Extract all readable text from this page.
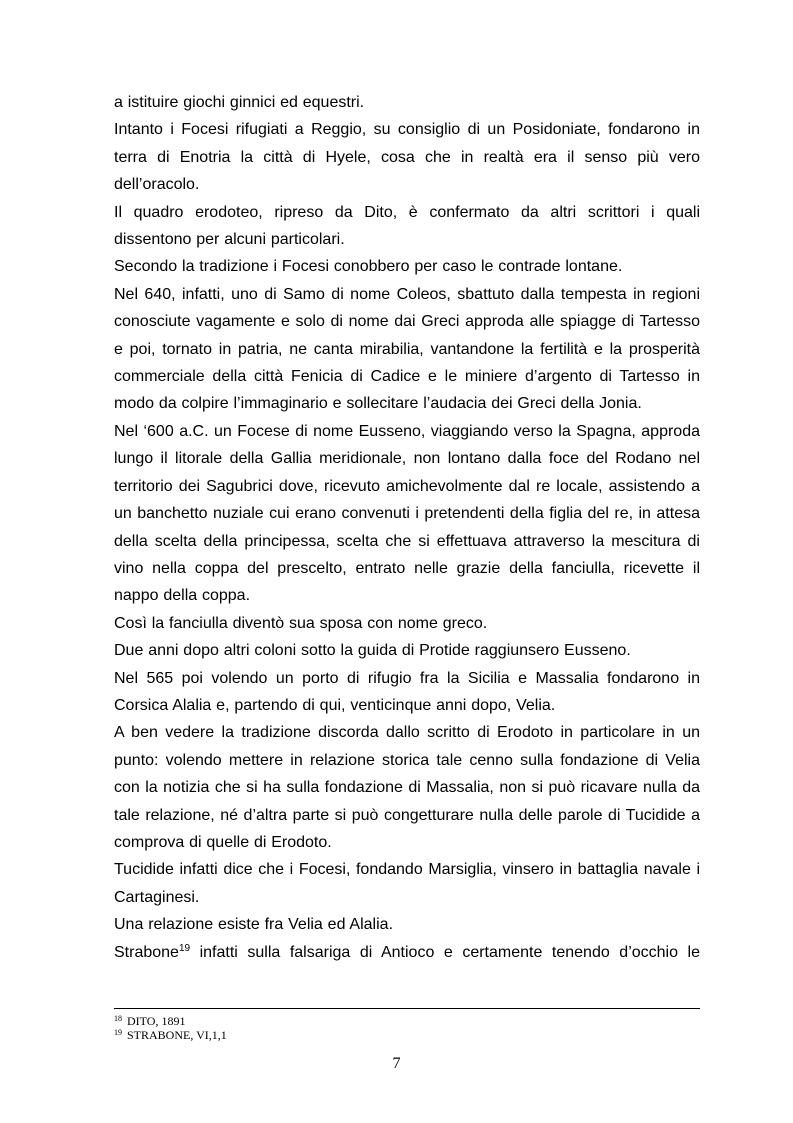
a istituire giochi ginnici ed equestri.

Intanto i Focesi rifugiati a Reggio, su consiglio di un Posidoniate, fondarono in terra di Enotria la città di Hyele, cosa che in realtà era il senso più vero dell’oracolo.

Il quadro erodoteo, ripreso da Dito, è confermato da altri scrittori i quali dissentono per alcuni particolari.

Secondo la tradizione i Focesi conobbero per caso le contrade lontane.

Nel 640, infatti, uno di Samo di nome Coleos, sbattuto dalla tempesta in regioni conosciute vagamente e solo di nome dai Greci approda alle spiagge di Tartesso e poi, tornato in patria, ne canta mirabilia, vantandone la fertilità e la prosperità commerciale della città Fenicia di Cadice e le miniere d’argento di Tartesso in modo da colpire l’immaginario e sollecitare l’audacia dei Greci della Jonia.

Nel ‘600 a.C. un Focese di nome Eusseno, viaggiando verso la Spagna, approda lungo il litorale della Gallia meridionale, non lontano dalla foce del Rodano nel territorio dei Sagubrici dove, ricevuto amichevolmente dal re locale, assistendo a un banchetto nuziale cui erano convenuti i pretendenti della figlia del re, in attesa della scelta della principessa, scelta che si effettuava attraverso la mescitura di vino nella coppa del prescelto, entrato nelle grazie della fanciulla, ricevette il nappo della coppa.

Così la fanciulla diventò sua sposa con nome greco.

Due anni dopo altri coloni sotto la guida di Protide raggiunsero Eusseno.

Nel 565 poi volendo un porto di rifugio fra la Sicilia e Massalia fondarono in Corsica Alalia e, partendo di qui, venticinque anni dopo, Velia.

A ben vedere la tradizione discorda dallo scritto di Erodoto in particolare in un punto: volendo mettere in relazione storica tale cenno sulla fondazione di Velia con la notizia che si ha sulla fondazione di Massalia, non si può ricavare nulla da tale relazione, né d’altra parte si può congetturare nulla delle parole di Tucidide a comprova di quelle di Erodoto.

Tucidide infatti dice che i Focesi, fondando Marsiglia, vinsero in battaglia navale i Cartaginesi.

Una relazione esiste fra Velia ed Alalia.

Strabone$^{19}$ infatti sulla falsariga di Antioco e certamente tenendo d’occhio le

$^{18}$ DITO, 1891
$^{19}$ STRABONE, VI,1,1
7
